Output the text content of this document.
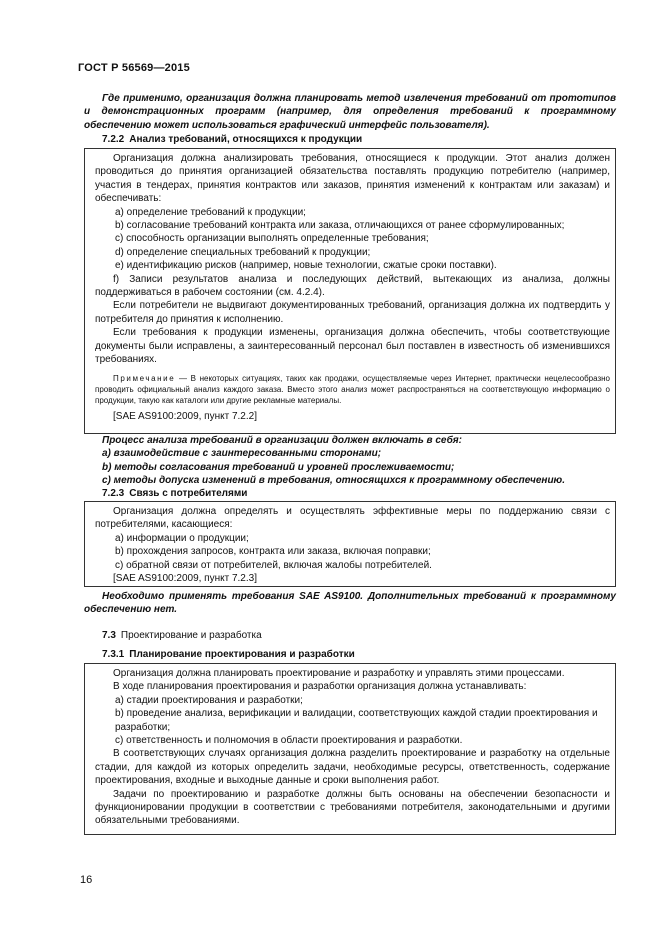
ГОСТ Р 56569—2015

Где применимо, организация должна планировать метод извлечения требований от прототипов и демонстрационных программ (например, для определения требований к программному обеспечению может использоваться графический интерфейс пользователя).

7.2.2 Анализ требований, относящихся к продукции

Организация должна анализировать требования, относящиеся к продукции. Этот анализ должен проводиться до принятия организацией обязательства поставлять продукцию потребителю (например, участия в тендерах, принятия контрактов или заказов, принятия изменений к контрактам или заказам) и обеспечивать:

a) определение требований к продукции;

b) согласование требований контракта или заказа, отличающихся от ранее сформулированных;

c) способность организации выполнять определенные требования;

d) определение специальных требований к продукции;

e) идентификацию рисков (например, новые технологии, сжатые сроки поставки).

f) Записи результатов анализа и последующих действий, вытекающих из анализа, должны поддерживаться в рабочем состоянии (см. 4.2.4).

Если потребители не выдвигают документированных требований, организация должна их подтвердить у потребителя до принятия к исполнению.

Если требования к продукции изменены, организация должна обеспечить, чтобы соответствующие документы были исправлены, а заинтересованный персонал был поставлен в известность об изменившихся требованиях.

Примечание — В некоторых ситуациях, таких как продажи, осуществляемые через Интернет, практически нецелесообразно проводить официальный анализ каждого заказа. Вместо этого анализ может распространяться на соответствующую информацию о продукции, такую как каталоги или другие рекламные материалы.

[SAE AS9100:2009, пункт 7.2.2]

Процесс анализа требований в организации должен включать в себя:

а) взаимодействие с заинтересованными сторонами;

b) методы согласования требований и уровней прослеживаемости;

с) методы допуска изменений в требования, относящихся к программному обеспечению.

7.2.3 Связь с потребителями

Организация должна определять и осуществлять эффективные меры по поддержанию связи с потребителями, касающиеся:

a) информации о продукции;

b) прохождения запросов, контракта или заказа, включая поправки;

c) обратной связи от потребителей, включая жалобы потребителей.

[SAE AS9100:2009, пункт 7.2.3]

Необходимо применять требования SAE AS9100. Дополнительных требований к программному обеспечению нет.

7.3 Проектирование и разработка
7.3.1 Планирование проектирования и разработки

Организация должна планировать проектирование и разработку и управлять этими процессами.

В ходе планирования проектирования и разработки организация должна устанавливать:

a) стадии проектирования и разработки;

b) проведение анализа, верификации и валидации, соответствующих каждой стадии проектирования и разработки;

c) ответственность и полномочия в области проектирования и разработки.

В соответствующих случаях организация должна разделить проектирование и разработку на отдельные стадии, для каждой из которых определить задачи, необходимые ресурсы, ответственность, содержание проектирования, входные и выходные данные и сроки выполнения работ.

Задачи по проектированию и разработке должны быть основаны на обеспечении безопасности и функционировании продукции в соответствии с требованиями потребителя, законодательными и другими обязательными требованиями.

16
